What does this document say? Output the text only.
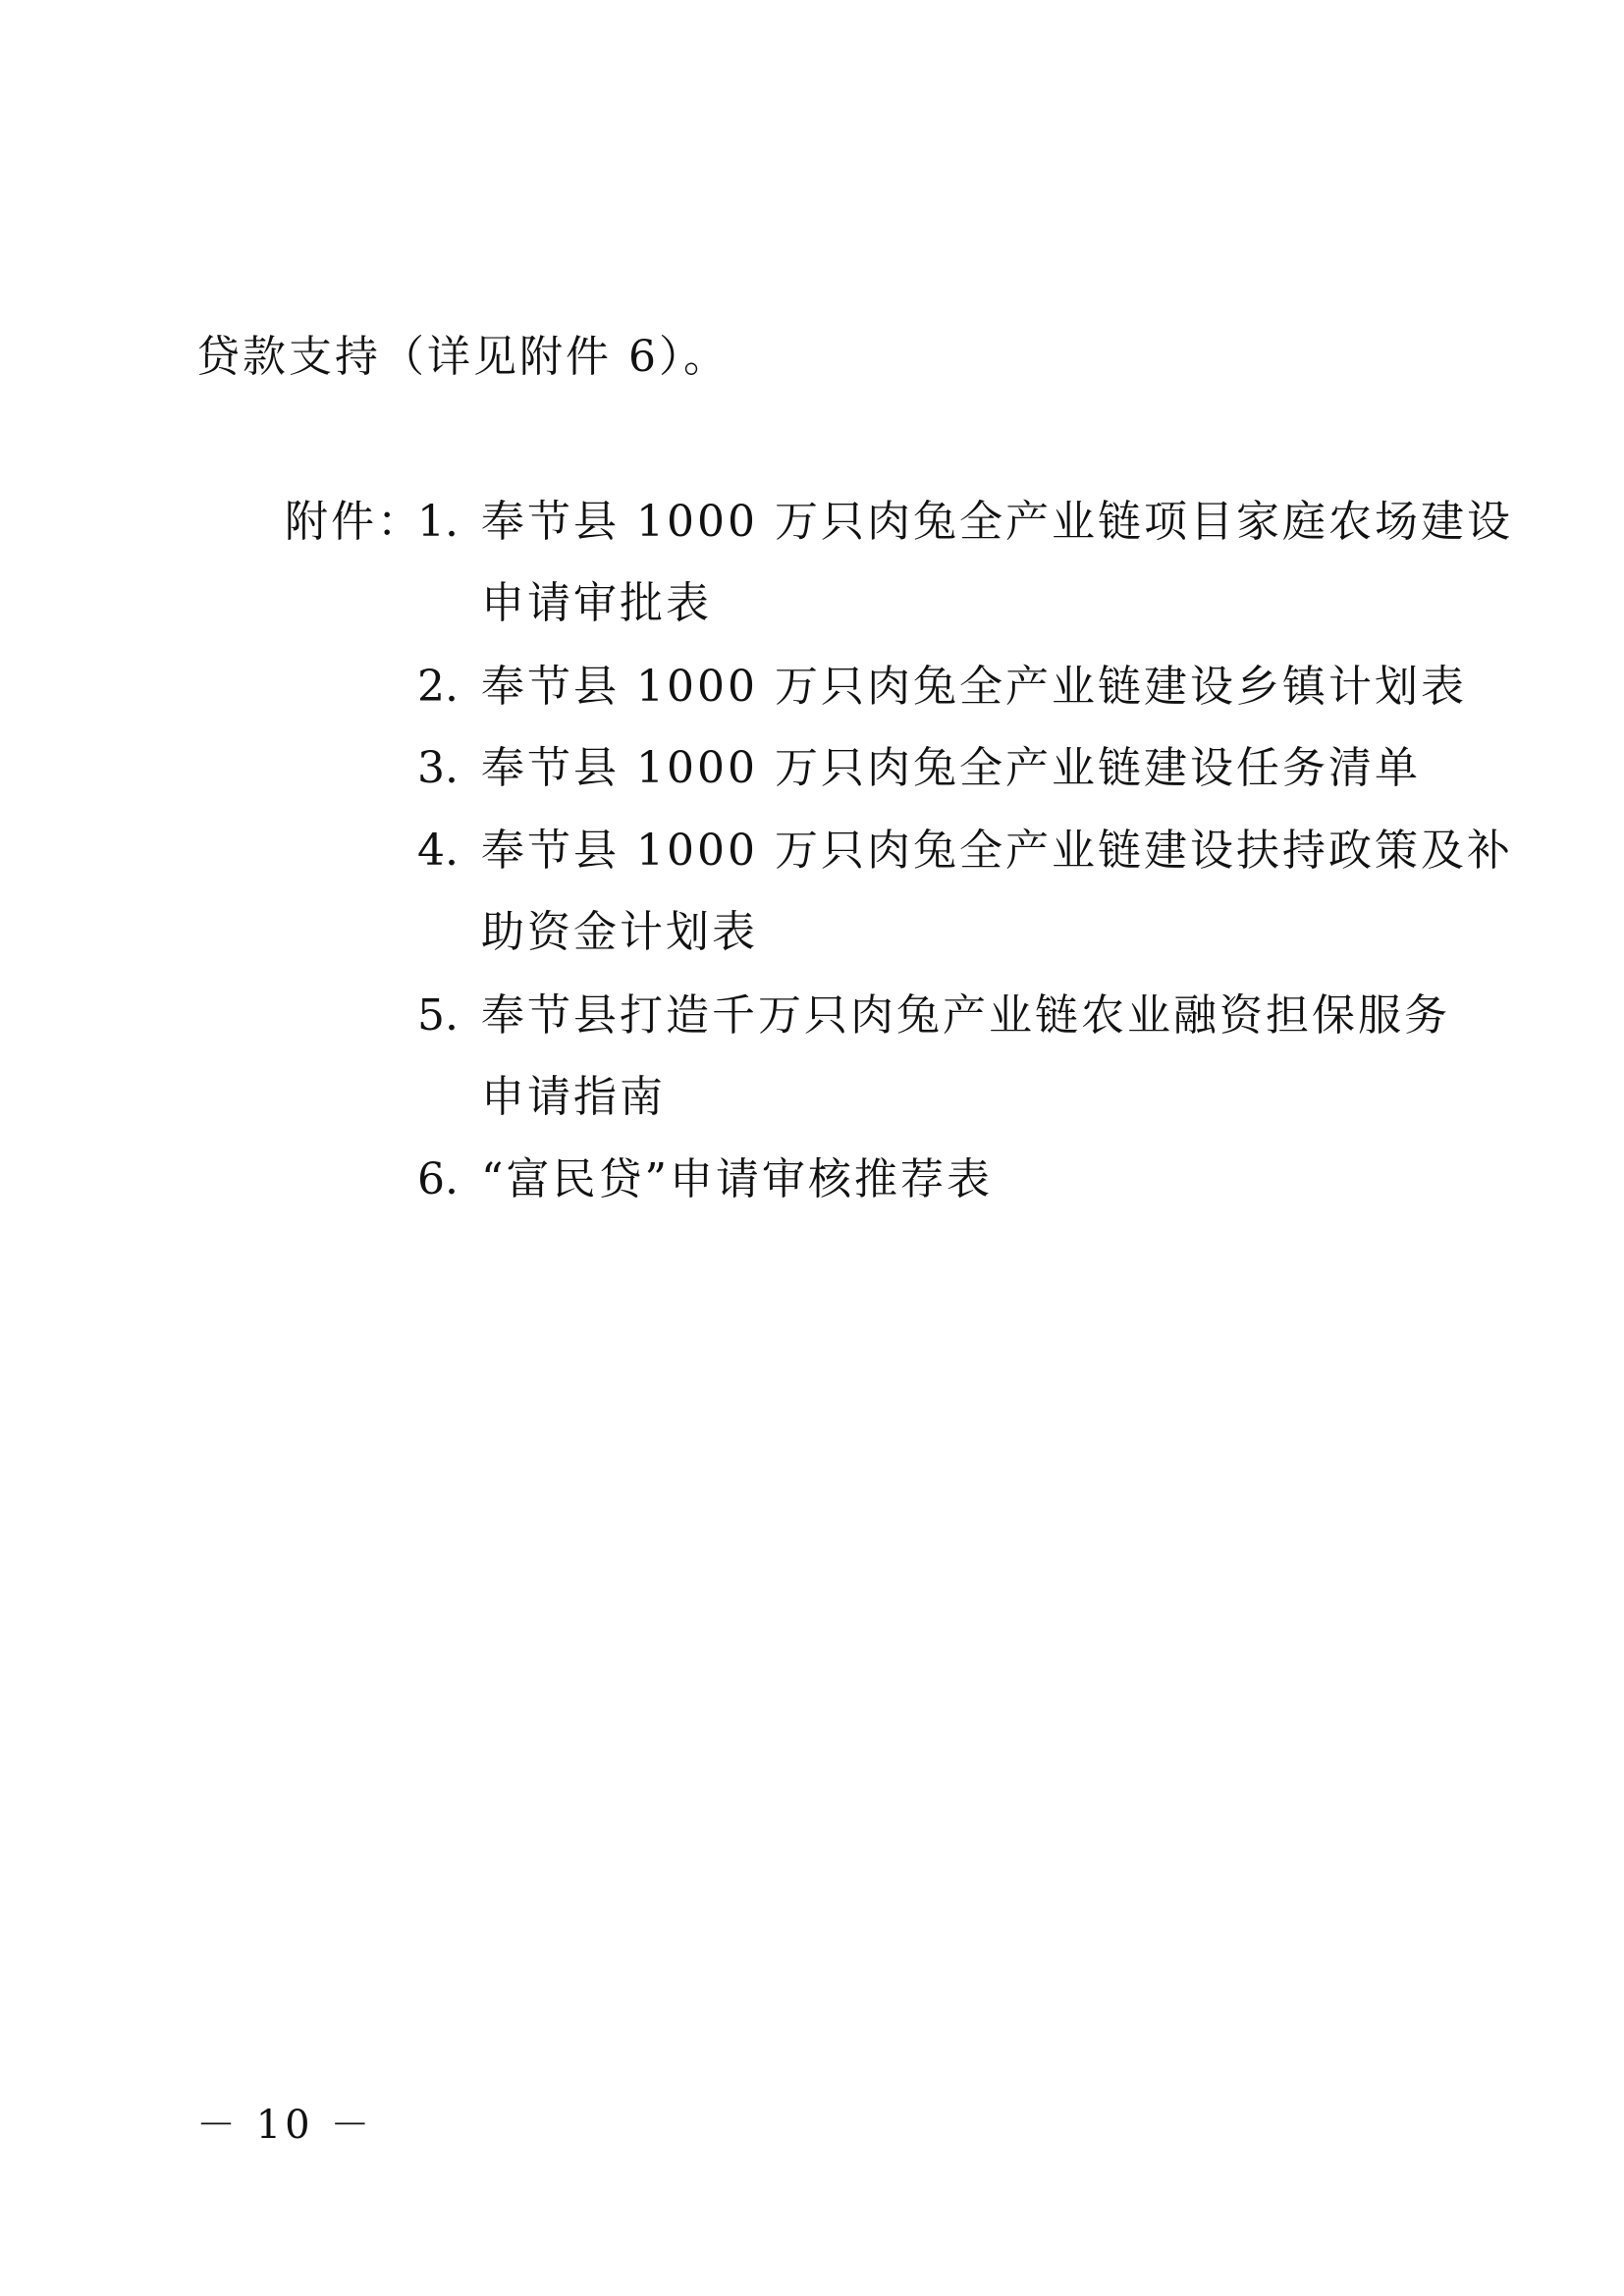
贷款支持（详见附件 6）。
附件：
1. 奉节县 1000 万只肉兔全产业链项目家庭农场建设
申请审批表
2. 奉节县 1000 万只肉兔全产业链建设乡镇计划表
3. 奉节县 1000 万只肉兔全产业链建设任务清单
4. 奉节县 1000 万只肉兔全产业链建设扶持政策及补
助资金计划表
5. 奉节县打造千万只肉兔产业链农业融资担保服务
申请指南
6. “富民贷”申请审核推荐表
－ 10 －
